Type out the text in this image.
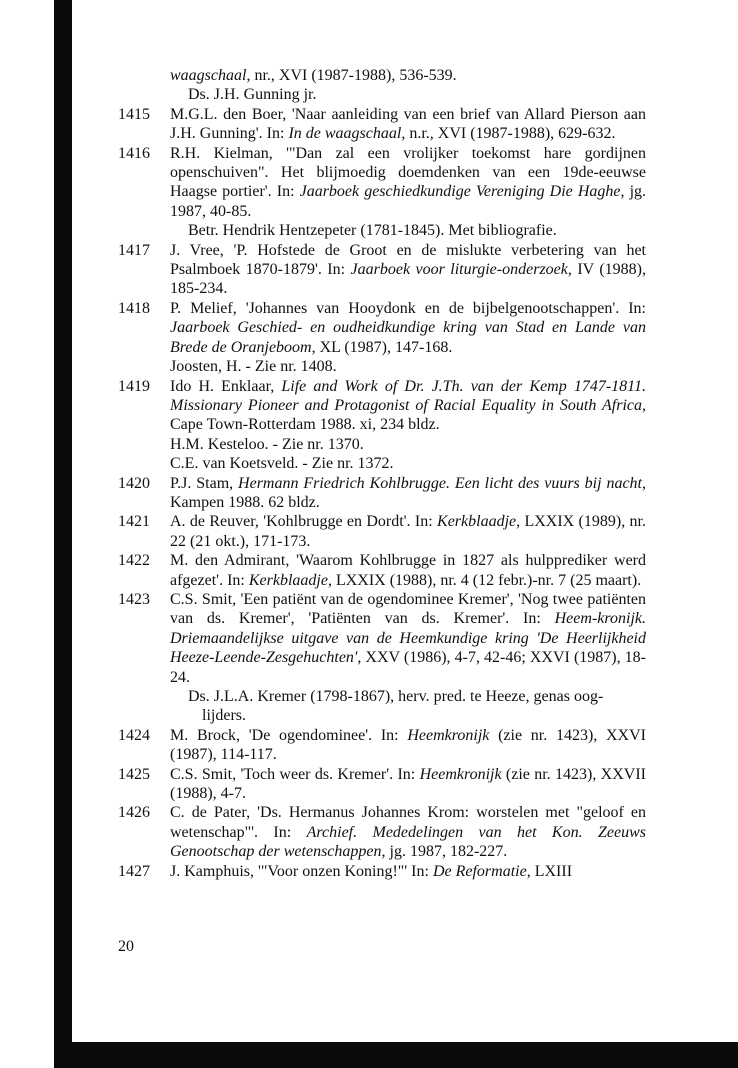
waagschaal, nr., XVI (1987-1988), 536-539.
Ds. J.H. Gunning jr.
1415	M.G.L. den Boer, 'Naar aanleiding van een brief van Allard Pierson aan J.H. Gunning'. In: In de waagschaal, n.r., XVI (1987-1988), 629-632.
1416	R.H. Kielman, '"Dan zal een vrolijker toekomst hare gordijnen openschuiven". Het blijmoedig doemdenken van een 19de-eeuwse Haagse portier'. In: Jaarboek geschiedkundige Vereniging Die Haghe, jg. 1987, 40-85.
Betr. Hendrik Hentzepeter (1781-1845). Met bibliografie.
1417	J. Vree, 'P. Hofstede de Groot en de mislukte verbetering van het Psalmboek 1870-1879'. In: Jaarboek voor liturgie-onderzoek, IV (1988), 185-234.
1418	P. Melief, 'Johannes van Hooydonk en de bijbelgenootschappen'. In: Jaarboek Geschied- en oudheidkundige kring van Stad en Lande van Brede de Oranjeboom, XL (1987), 147-168.
Joosten, H. - Zie nr. 1408.
1419	Ido H. Enklaar, Life and Work of Dr. J.Th. van der Kemp 1747-1811. Missionary Pioneer and Protagonist of Racial Equality in South Africa, Cape Town-Rotterdam 1988. xi, 234 bldz.
H.M. Kesteloo. - Zie nr. 1370.
C.E. van Koetsveld. - Zie nr. 1372.
1420	P.J. Stam, Hermann Friedrich Kohlbrugge. Een licht des vuurs bij nacht, Kampen 1988. 62 bldz.
1421	A. de Reuver, 'Kohlbrugge en Dordt'. In: Kerkblaadje, LXXIX (1989), nr. 22 (21 okt.), 171-173.
1422	M. den Admirant, 'Waarom Kohlbrugge in 1827 als hulpprediker werd afgezet'. In: Kerkblaadje, LXXIX (1988), nr. 4 (12 febr.)-nr. 7 (25 maart).
1423	C.S. Smit, 'Een patiënt van de ogendominee Kremer', 'Nog twee patiënten van ds. Kremer', 'Patiënten van ds. Kremer'. In: Heem-kronijk. Driemaandelijkse uitgave van de Heemkundige kring 'De Heerlijkheid Heeze-Leende-Zesgehuchten', XXV (1986), 4-7, 42-46; XXVI (1987), 18-24.
Ds. J.L.A. Kremer (1798-1867), herv. pred. te Heeze, genas oog-lijders.
1424	M. Brock, 'De ogendominee'. In: Heemkronijk (zie nr. 1423), XXVI (1987), 114-117.
1425	C.S. Smit, 'Toch weer ds. Kremer'. In: Heemkronijk (zie nr. 1423), XXVII (1988), 4-7.
1426	C. de Pater, 'Ds. Hermanus Johannes Krom: worstelen met "geloof en wetenschap"'. In: Archief. Mededelingen van het Kon. Zeeuws Genootschap der wetenschappen, jg. 1987, 182-227.
1427	J. Kamphuis, '"Voor onzen Koning!"' In: De Reformatie, LXIII
20
